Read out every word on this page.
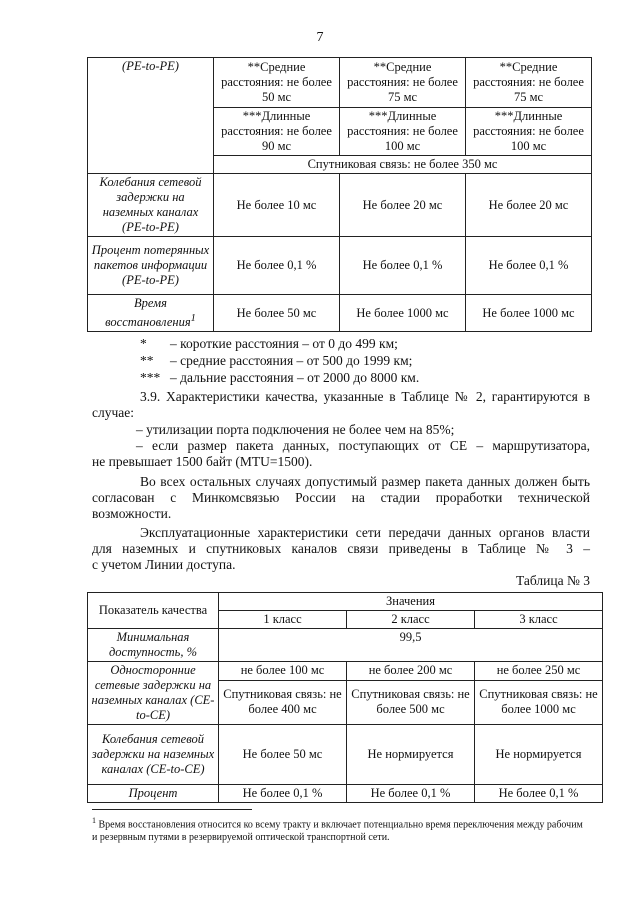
7
(PE-to-PE)	**Средние расстояния: не более 50 мс	**Средние расстояния: не более 75 мс	**Средние расстояния: не более 75 мс
	***Длинные расстояния: не более 90 мс	***Длинные расстояния: не более 100 мс	***Длинные расстояния: не более 100 мс
	Спутниковая связь: не более 350 мс		
Колебания сетевой задержки на наземных каналах (PE-to-PE)	Не более 10 мс	Не более 20 мс	Не более 20 мс
Процент потерянных пакетов информации (PE-to-PE)	Не более 0,1 %	Не более 0,1 %	Не более 0,1 %
Время восстановления$^1$	Не более 50 мс	Не более 1000 мс	Не более 1000 мс
* – короткие расстояния – от 0 до 499 км;
** – средние расстояния – от 500 до 1999 км;
*** – дальние расстояния – от 2000 до 8000 км.
3.9. Характеристики качества, указанные в Таблице № 2, гарантируются в
случае:
– утилизации порта подключения не более чем на 85%;
– если размер пакета данных, поступающих от CE – маршрутизатора,
не превышает 1500 байт (MTU=1500).
Во всех остальных случаях допустимый размер пакета данных должен быть
согласован с Минкомсвязью России на стадии проработки технической
возможности.
Эксплуатационные характеристики сети передачи данных органов власти
для наземных и спутниковых каналов связи приведены в Таблице № 3 –
с учетом Линии доступа.
Таблица № 3
Показатель качества	Значения		
	1 класс	2 класс	3 класс
Минимальная доступность, %	99,5		
Односторонние сетевые задержки на наземных каналах (CE-to-CE)	не более 100 мс	не более 200 мс	не более 250 мс
	Спутниковая связь: не более 400 мс	Спутниковая связь: не более 500 мс	Спутниковая связь: не более 1000 мс
Колебания сетевой задержки на наземных каналах (CE-to-CE)	Не более 50 мс	Не нормируется	Не нормируется
Процент	Не более 0,1 %	Не более 0,1 %	Не более 0,1 %
$^1$ Время восстановления относится ко всему тракту и включает потенциально время переключения между рабочим и резервным путями в резервируемой оптической транспортной сети.
